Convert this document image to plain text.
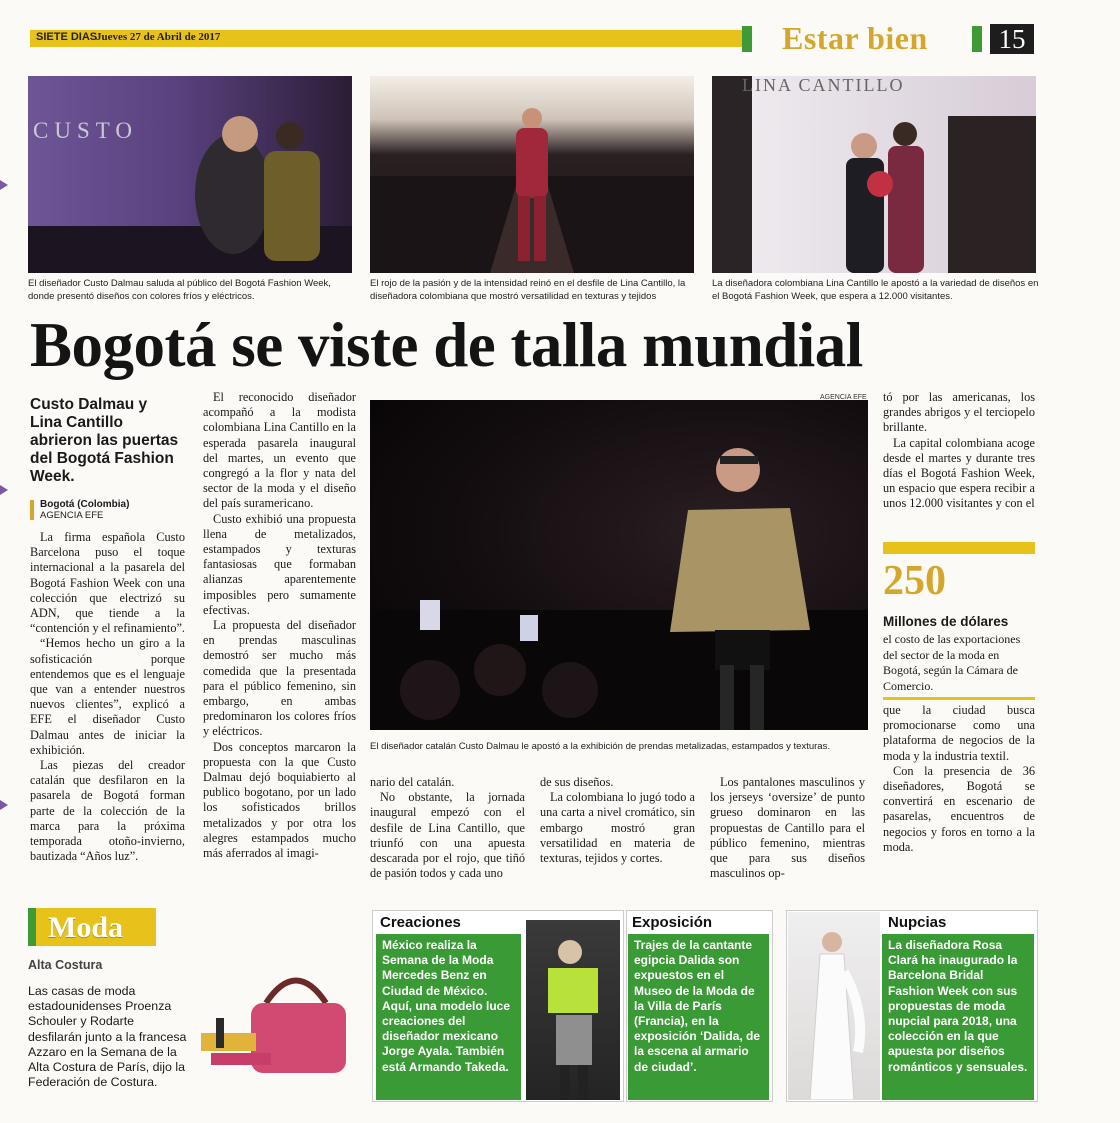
SIETE DIAS
Jueves 27 de Abril de 2017	Estar bien	15
CUSTO
El diseñador Custo Dalmau saluda al público del Bogotá Fashion Week, donde presentó diseños con colores fríos y eléctricos.
El rojo de la pasión y de la intensidad reinó en el desfile de Lina Cantillo, la diseñadora colombiana que mostró versatilidad en texturas y tejidos
LINA CANTILLO
La diseñadora colombiana Lina Cantillo le apostó a la variedad de diseños en el Bogotá Fashion Week, que espera a 12.000 visitantes.
Bogotá se viste de talla mundial
Custo Dalmau y Lina Cantillo abrieron las puertas del Bogotá Fashion Week.
Bogotá (Colombia)
AGENCIA EFE

La firma española Custo Barcelona puso el toque internacional a la pasarela del Bogotá Fashion Week con una colección que electrizó su ADN, que tiende a la “contención y el refinamiento”.

“Hemos hecho un giro a la sofisticación porque entendemos que es el lenguaje que van a entender nuestros nuevos clientes”, explicó a EFE el diseñador Custo Dalmau antes de iniciar la exhibición.

Las piezas del creador catalán que desfilaron en la pasarela de Bogotá forman parte de la colección de la marca para la próxima temporada otoño-invierno, bautizada “Años luz”.

El reconocido diseñador acompañó a la modista colombiana Lina Cantillo en la esperada pasarela inaugural del martes, un evento que congregó a la flor y nata del sector de la moda y el diseño del país suramericano.

Custo exhibió una propuesta llena de metalizados, estampados y texturas fantasiosas que formaban alianzas aparentemente imposibles pero sumamente efectivas.

La propuesta del diseñador en prendas masculinas demostró ser mucho más comedida que la presentada para el público femenino, sin embargo, en ambas predominaron los colores fríos y eléctricos.

Dos conceptos marcaron la propuesta con la que Custo Dalmau dejó boquiabierto al publico bogotano, por un lado los sofisticados brillos metalizados y por otra los alegres estampados mucho más aferrados al imagi-

AGENCIA EFE
El diseñador catalán Custo Dalmau le apostó a la exhibición de prendas metalizadas, estampados y texturas.

tó por las americanas, los grandes abrigos y el terciopelo brillante.

La capital colombiana acoge desde el martes y durante tres días el Bogotá Fashion Week, un espacio que espera recibir a unos 12.000 visitantes y con el

250
Millones de dólares
el costo de las exportaciones del sector de la moda en Bogotá, según la Cámara de Comercio.

que la ciudad busca promocionarse como una plataforma de negocios de la moda y la industria textil.

Con la presencia de 36 diseñadores, Bogotá se convertirá en escenario de pasarelas, encuentros de negocios y foros en torno a la moda.

nario del catalán.

No obstante, la jornada inaugural empezó con el desfile de Lina Cantillo, que triunfó con una apuesta descarada por el rojo, que tiñó de pasión todos y cada uno

de sus diseños.

La colombiana lo jugó todo a una carta a nivel cromático, sin embargo mostró gran versatilidad en materia de texturas, tejidos y cortes.

Los pantalones masculinos y los jerseys ‘oversize’ de punto grueso dominaron en las propuestas de Cantillo para el público femenino, mientras que para sus diseños masculinos op-

Moda
Alta Costura
Las casas de moda estadounidenses Proenza Schouler y Rodarte desfilarán junto a la francesa Azzaro en la Semana de la Alta Costura de París, dijo la Federación de Costura.
Creaciones
México realiza la Semana de la Moda Mercedes Benz en Ciudad de México. Aquí, una modelo luce creaciones del diseñador mexicano Jorge Ayala. También está Armando Takeda.
Exposición
Trajes de la cantante egipcia Dalida son expuestos en el Museo de la Moda de la Villa de París (Francia), en la exposición ‘Dalida, de la escena al armario de ciudad’.
Nupcias
La diseñadora Rosa Clará ha inaugurado la Barcelona Bridal Fashion Week con sus propuestas de moda nupcial para 2018, una colección en la que apuesta por diseños románticos y sensuales.
